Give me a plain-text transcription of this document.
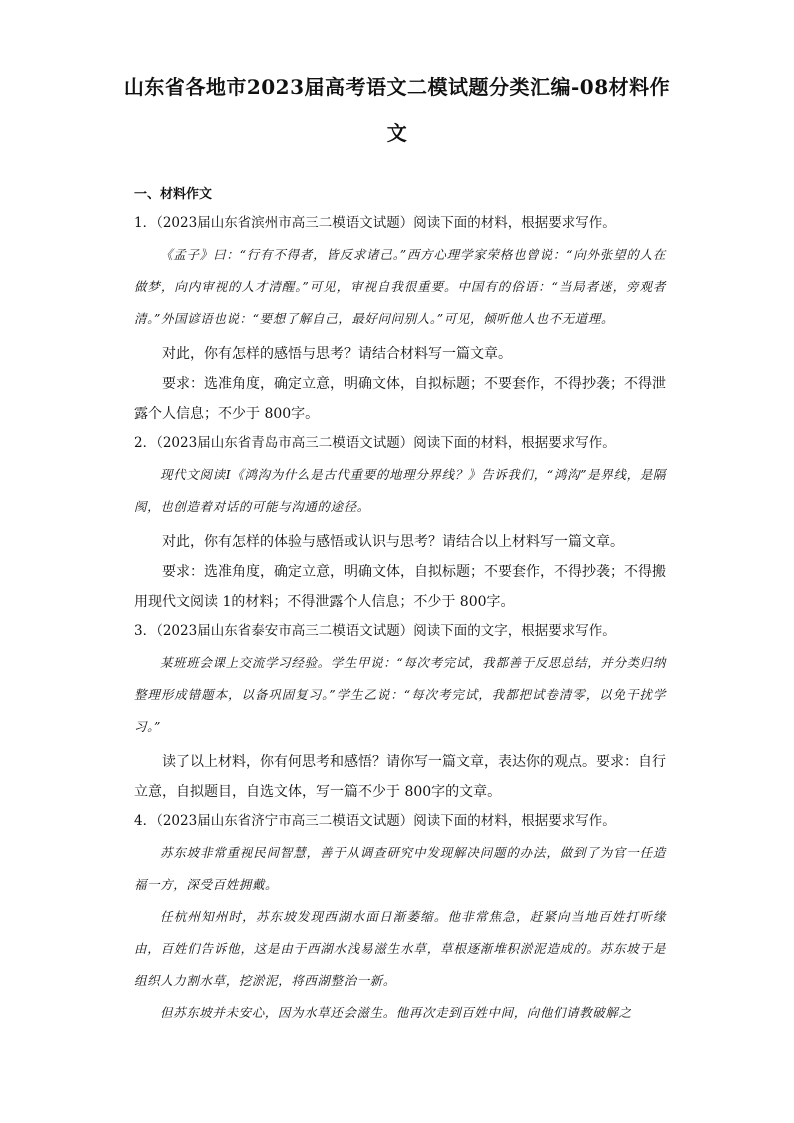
山东省各地市2023届高考语文二模试题分类汇编-08材料作文

一、材料作文

1．（2023届山东省滨州市高三二模语文试题）阅读下面的材料，根据要求写作。

《孟子》曰：“行有不得者，皆反求诸己。”西方心理学家荣格也曾说：“向外张望的人在做梦，向内审视的人才清醒。”可见，审视自我很重要。中国有的俗语：“当局者迷，旁观者清。”外国谚语也说：“要想了解自己，最好问问别人。”可见，倾听他人也不无道理。

对此，你有怎样的感悟与思考？请结合材料写一篇文章。

要求：选准角度，确定立意，明确文体，自拟标题；不要套作，不得抄袭；不得泄露个人信息；不少于 800字。

2．（2023届山东省青岛市高三二模语文试题）阅读下面的材料，根据要求写作。

现代文阅读Ⅰ《鸿沟为什么是古代重要的地理分界线？》告诉我们，“鸿沟”是界线，是隔阂，也创造着对话的可能与沟通的途径。

对此，你有怎样的体验与感悟或认识与思考？请结合以上材料写一篇文章。

要求：选准角度，确定立意，明确文体，自拟标题；不要套作，不得抄袭；不得搬用现代文阅读 1的材料；不得泄露个人信息；不少于 800字。

3．（2023届山东省泰安市高三二模语文试题）阅读下面的文字，根据要求写作。

某班班会课上交流学习经验。学生甲说：“每次考完试，我都善于反思总结，并分类归纳整理形成错题本，以备巩固复习。”学生乙说：“每次考完试，我都把试卷清零，以免干扰学习。”

读了以上材料，你有何思考和感悟？请你写一篇文章，表达你的观点。要求：自行立意，自拟题目，自选文体，写一篇不少于 800字的文章。

4．（2023届山东省济宁市高三二模语文试题）阅读下面的材料，根据要求写作。

苏东坡非常重视民间智慧，善于从调查研究中发现解决问题的办法，做到了为官一任造福一方，深受百姓拥戴。

任杭州知州时，苏东坡发现西湖水面日渐萎缩。他非常焦急，赶紧向当地百姓打听缘由，百姓们告诉他，这是由于西湖水浅易滋生水草，草根逐渐堆积淤泥造成的。苏东坡于是组织人力割水草，挖淤泥，将西湖整治一新。

但苏东坡并未安心，因为水草还会滋生。他再次走到百姓中间，向他们请教破解之
